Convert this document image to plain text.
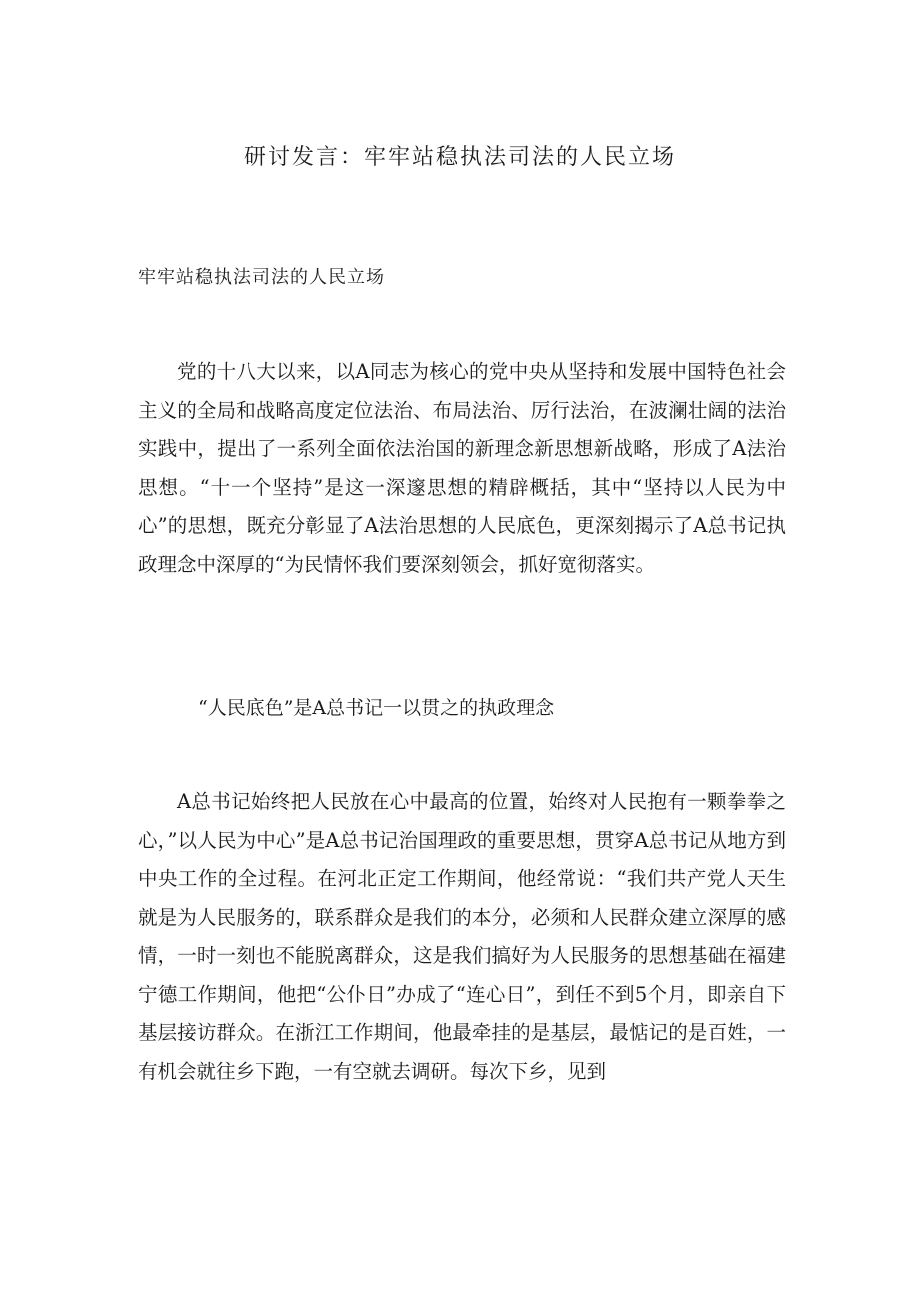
研讨发言：牢牢站稳执法司法的人民立场
牢牢站稳执法司法的人民立场

党的十八大以来，以A同志为核心的党中央从坚持和发展中国特色社会主义的全局和战略高度定位法治、布局法治、厉行法治，在波澜壮阔的法治实践中，提出了一系列全面依法治国的新理念新思想新战略，形成了A法治思想。“十一个坚持”是这一深邃思想的精辟概括，其中“坚持以人民为中心”的思想，既充分彰显了A法治思想的人民底色，更深刻揭示了A总书记执政理念中深厚的“为民情怀我们要深刻领会，抓好宽彻落实。

“人民底色”是A总书记一以贯之的执政理念

A总书记始终把人民放在心中最高的位置，始终对人民抱有一颗拳拳之心，”以人民为中心”是A总书记治国理政的重要思想，贯穿A总书记从地方到中央工作的全过程。在河北正定工作期间，他经常说：“我们共产党人天生就是为人民服务的，联系群众是我们的本分，必须和人民群众建立深厚的感情，一时一刻也不能脱离群众，这是我们搞好为人民服务的思想基础在福建宁德工作期间，他把“公仆日”办成了“连心日”，到任不到5个月，即亲自下基层接访群众。在浙江工作期间，他最牵挂的是基层，最惦记的是百姓，一有机会就往乡下跑，一有空就去调研。每次下乡，见到
